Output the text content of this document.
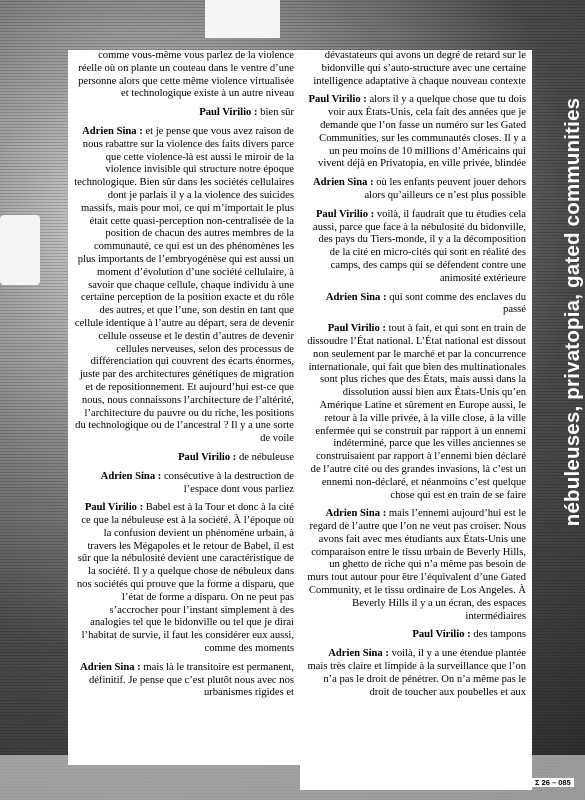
comme vous-même vous parlez de la violence réelle où on plante un couteau dans le ventre d’une personne alors que cette même violence virtualisée et technologique existe à un autre niveau

Paul Virilio : bien sûr

Adrien Sina : et je pense que vous avez raison de nous rabattre sur la violence des faits divers parce que cette violence-là est aussi le miroir de la violence invisible qui structure notre époque technologique. Bien sûr dans les sociétés cellulaires dont je parlais il y a la violence des suicides massifs, mais pour moi, ce qui m’importait le plus était cette quasi-perception non-centralisée de la position de chacun des autres membres de la communauté, ce qui est un des phénomènes les plus importants de l’embryogénèse qui est aussi un moment d’évolution d’une société cellulaire, à savoir que chaque cellule, chaque individu à une certaine perception de la position exacte et du rôle des autres, et que l’une, son destin en tant que cellule identique à l’autre au départ, sera de devenir cellule osseuse et le destin d’autres de devenir cellules nerveuses, selon des processus de différenciation qui couvrent des écarts énormes, juste par des architectures génétiques de migration et de repositionnement. Et aujourd’hui est-ce que nous, nous connaissons l’architecture de l’altérité, l’architecture du pauvre ou du riche, les positions du technologique ou de l’ancestral ? Il y a une sorte de voile

Paul Virilio : de nébuleuse

Adrien Sina : consécutive à la destruction de l’espace dont vous parliez

Paul Virilio : Babel est à la Tour et donc à la cité ce que la nébuleuse est à la société. À l’époque où la confusion devient un phénomène urbain, à travers les Mégapoles et le retour de Babel, il est sûr que la nébulosité devient une caractéristique de la société. Il y a quelque chose de nébuleux dans nos sociétés qui prouve que la forme a disparu, que l’état de forme a disparu. On ne peut pas s’accrocher pour l’instant simplement à des analogies tel que le bidonville ou tel que je dirai l’habitat de survie, il faut les considérer eux aussi, comme des moments

Adrien Sina : mais là le transitoire est permanent, définitif. Je pense que c’est plutôt nous avec nos urbanismes rigides et

dévastateurs qui avons un degré de retard sur le bidonville qui s’auto-structure avec une certaine intelligence adaptative à chaque nouveau contexte

Paul Virilio : alors il y a quelque chose que tu dois voir aux États-Unis, cela fait des années que je demande que l’on fasse un numéro sur les Gated Communities, sur les communautés closes. Il y a un peu moins de 10 millions d’Américains qui vivent déjà en Privatopia, en ville privée, blindée

Adrien Sina : où les enfants peuvent jouer dehors alors qu’ailleurs ce n’est plus possible

Paul Virilio : voilà, il faudrait que tu étudies cela aussi, parce que face à la nébulosité du bidonville, des pays du Tiers-monde, il y a la décomposition de la cité en micro-cités qui sont en réalité des camps, des camps qui se défendent contre une animosité extérieure

Adrien Sina : qui sont comme des enclaves du passé

Paul Virilio : tout à fait, et qui sont en train de dissoudre l’État national. L’État national est dissout non seulement par le marché et par la concurrence internationale, qui fait que bien des multinationales sont plus riches que des États, mais aussi dans la dissolution aussi bien aux États-Unis qu’en Amérique Latine et sûrement en Europe aussi, le retour à la ville privée, à la ville close, à la ville enfermée qui se construit par rapport à un ennemi indéterminé, parce que les villes anciennes se construisaient par rapport à l’ennemi bien déclaré de l’autre cité ou des grandes invasions, là c’est un ennemi non-déclaré, et néanmoins c’est quelque chose qui est en train de se faire

Adrien Sina : mais l’ennemi aujourd’hui est le regard de l’autre que l’on ne veut pas croiser. Nous avons fait avec mes étudiants aux États-Unis une comparaison entre le tissu urbain de Beverly Hills, un ghetto de riche qui n’a même pas besoin de murs tout autour pour être l’équivalent d’une Gated Community, et le tissu ordinaire de Los Angeles. À Beverly Hills il y a un écran, des espaces intermédiaires

Paul Virilio : des tampons

Adrien Sina : voilà, il y a une étendue plantée mais très claire et limpide à la surveillance que l’on n’a pas le droit de pénétrer. On n’a même pas le droit de toucher aux poubelles et aux

nébuleuses, privatopia, gated communities
Σ 26 – 085
